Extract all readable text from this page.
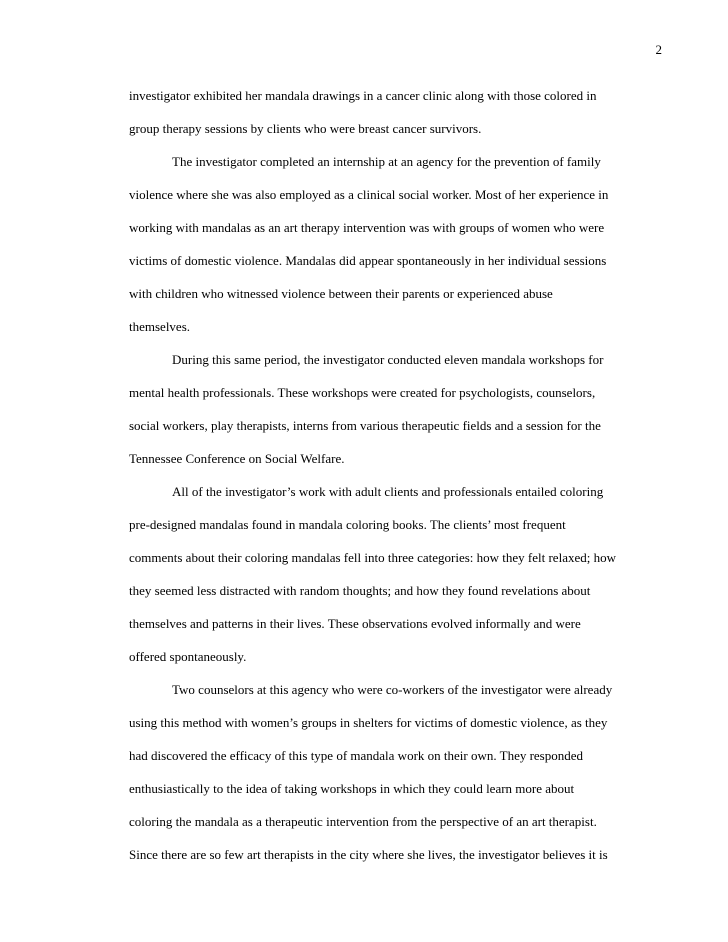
2
investigator exhibited her mandala drawings in a cancer clinic along with those colored in
group therapy sessions by clients who were breast cancer survivors.
The investigator completed an internship at an agency for the prevention of family
violence where she was also employed as a clinical social worker. Most of her experience in
working with mandalas as an art therapy intervention was with groups of women who were
victims of domestic violence. Mandalas did appear spontaneously in her individual sessions
with children who witnessed violence between their parents or experienced abuse
themselves.
During this same period, the investigator conducted eleven mandala workshops for
mental health professionals. These workshops were created for psychologists, counselors,
social workers, play therapists, interns from various therapeutic fields and a session for the
Tennessee Conference on Social Welfare.
All of the investigator’s work with adult clients and professionals entailed coloring
pre-designed mandalas found in mandala coloring books. The clients’ most frequent
comments about their coloring mandalas fell into three categories: how they felt relaxed; how
they seemed less distracted with random thoughts; and how they found revelations about
themselves and patterns in their lives. These observations evolved informally and were
offered spontaneously.
Two counselors at this agency who were co-workers of the investigator were already
using this method with women’s groups in shelters for victims of domestic violence, as they
had discovered the efficacy of this type of mandala work on their own. They responded
enthusiastically to the idea of taking workshops in which they could learn more about
coloring the mandala as a therapeutic intervention from the perspective of an art therapist.
Since there are so few art therapists in the city where she lives, the investigator believes it is
